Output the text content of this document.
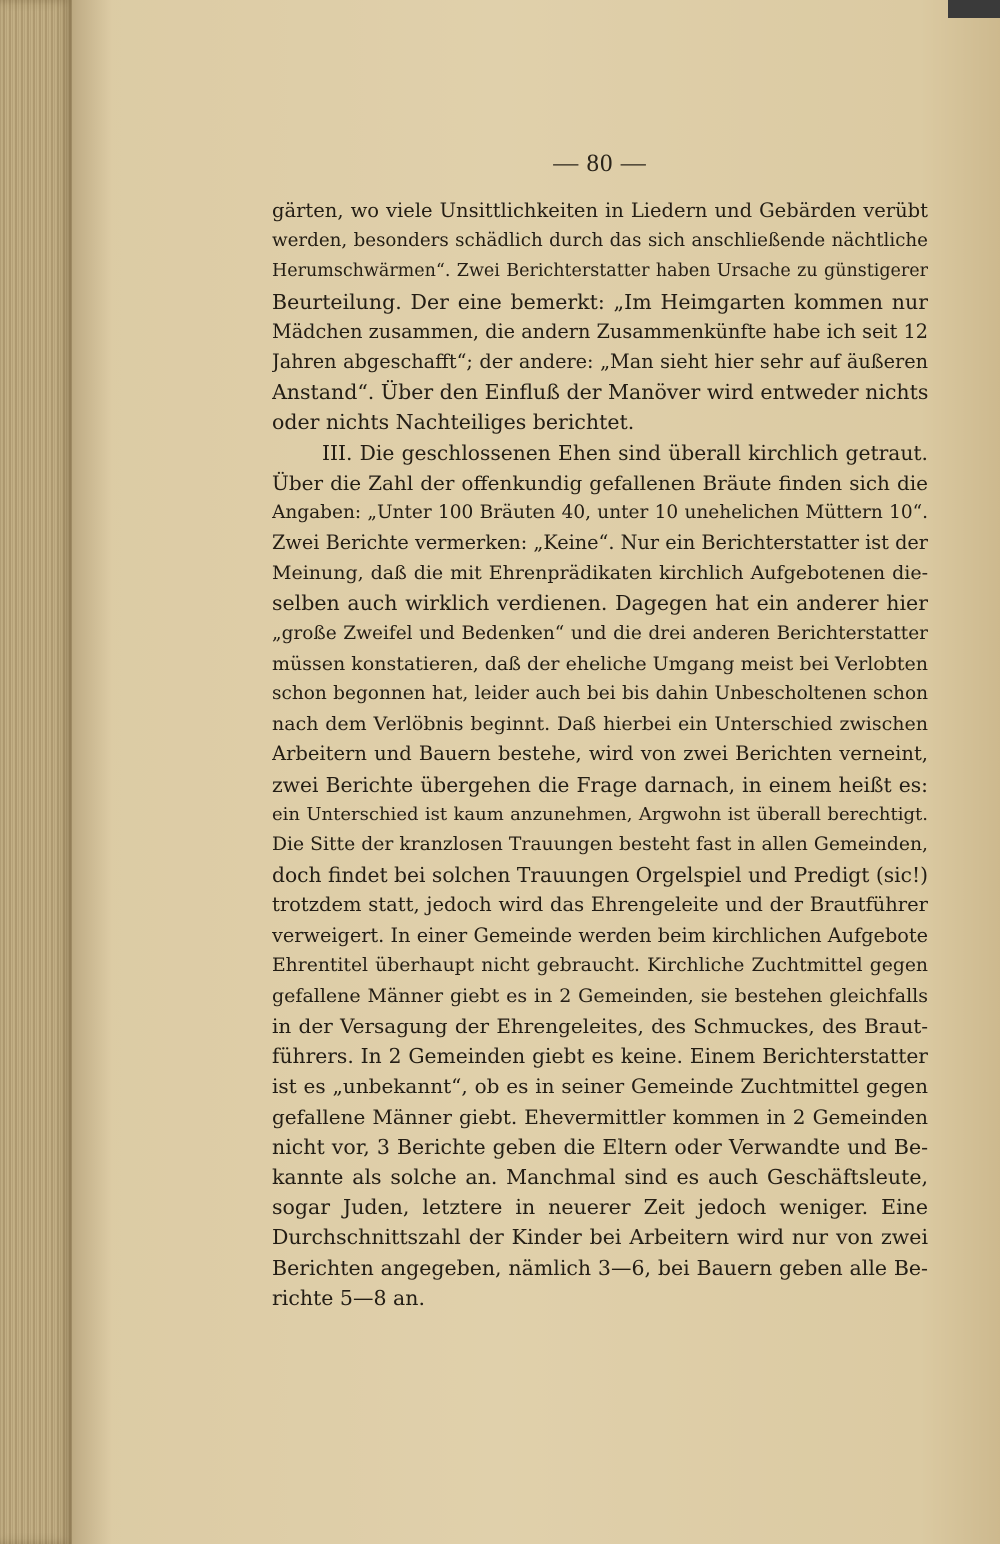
— 80 —
gärten, wo viele Unsittlichkeiten in Liedern und Gebärden verübt
werden, besonders schädlich durch das sich anschließende nächtliche
Herumschwärmen“. Zwei Berichterstatter haben Ursache zu günstigerer
Beurteilung. Der eine bemerkt: „Im Heimgarten kommen nur
Mädchen zusammen, die andern Zusammenkünfte habe ich seit 12
Jahren abgeschafft“; der andere: „Man sieht hier sehr auf äußeren
Anstand“. Über den Einfluß der Manöver wird entweder nichts
oder nichts Nachteiliges berichtet.
III. Die geschlossenen Ehen sind überall kirchlich getraut.
Über die Zahl der offenkundig gefallenen Bräute finden sich die
Angaben: „Unter 100 Bräuten 40, unter 10 unehelichen Müttern 10“.
Zwei Berichte vermerken: „Keine“. Nur ein Berichterstatter ist der
Meinung, daß die mit Ehrenprädikaten kirchlich Aufgebotenen die-
selben auch wirklich verdienen. Dagegen hat ein anderer hier
„große Zweifel und Bedenken“ und die drei anderen Berichterstatter
müssen konstatieren, daß der eheliche Umgang meist bei Verlobten
schon begonnen hat, leider auch bei bis dahin Unbescholtenen schon
nach dem Verlöbnis beginnt. Daß hierbei ein Unterschied zwischen
Arbeitern und Bauern bestehe, wird von zwei Berichten verneint,
zwei Berichte übergehen die Frage darnach, in einem heißt es:
ein Unterschied ist kaum anzunehmen, Argwohn ist überall berechtigt.
Die Sitte der kranzlosen Trauungen besteht fast in allen Gemeinden,
doch findet bei solchen Trauungen Orgelspiel und Predigt (sic!)
trotzdem statt, jedoch wird das Ehrengeleite und der Brautführer
verweigert. In einer Gemeinde werden beim kirchlichen Aufgebote
Ehrentitel überhaupt nicht gebraucht. Kirchliche Zuchtmittel gegen
gefallene Männer giebt es in 2 Gemeinden, sie bestehen gleichfalls
in der Versagung der Ehrengeleites, des Schmuckes, des Braut-
führers. In 2 Gemeinden giebt es keine. Einem Berichterstatter
ist es „unbekannt“, ob es in seiner Gemeinde Zuchtmittel gegen
gefallene Männer giebt. Ehevermittler kommen in 2 Gemeinden
nicht vor, 3 Berichte geben die Eltern oder Verwandte und Be-
kannte als solche an. Manchmal sind es auch Geschäftsleute,
sogar Juden, letztere in neuerer Zeit jedoch weniger. Eine
Durchschnittszahl der Kinder bei Arbeitern wird nur von zwei
Berichten angegeben, nämlich 3—6, bei Bauern geben alle Be-
richte 5—8 an.
